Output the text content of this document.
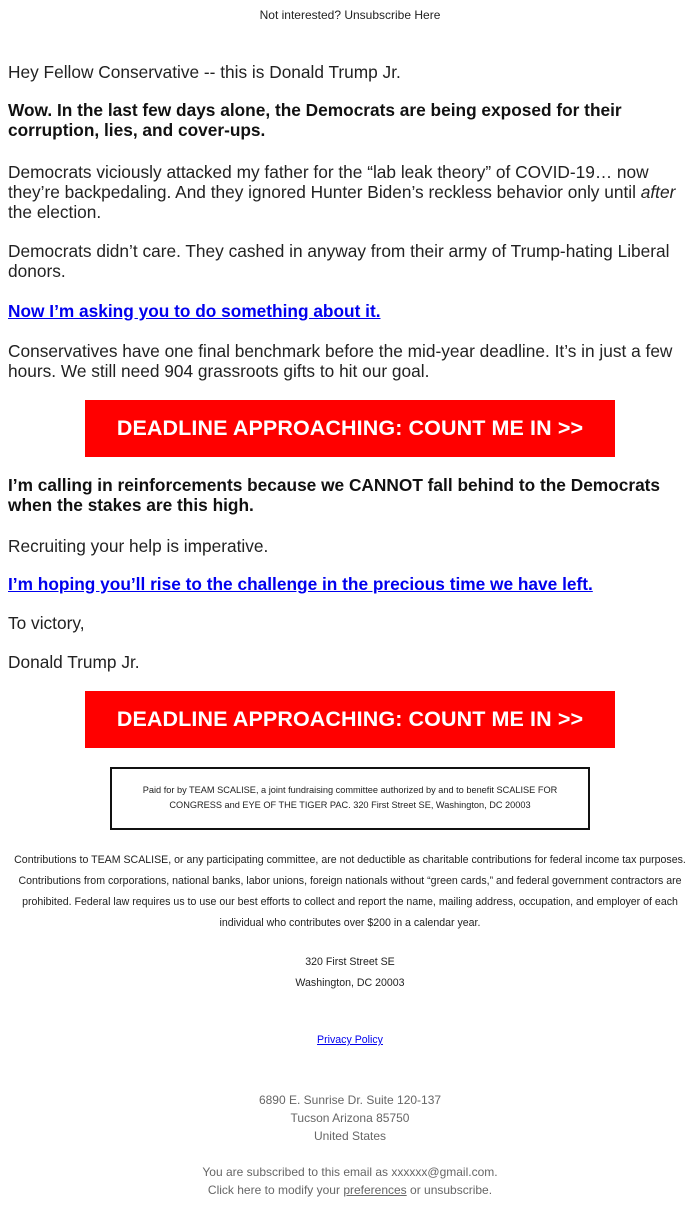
Not interested? Unsubscribe Here

Hey Fellow Conservative -- this is Donald Trump Jr.

Wow. In the last few days alone, the Democrats are being exposed for their corruption, lies, and cover-ups.

Democrats viciously attacked my father for the “lab leak theory” of COVID-19… now they’re backpedaling. And they ignored Hunter Biden’s reckless behavior only until after the election.

Democrats didn’t care. They cashed in anyway from their army of Trump-hating Liberal donors.

Now I’m asking you to do something about it.

Conservatives have one final benchmark before the mid-year deadline. It’s in just a few hours. We still need 904 grassroots gifts to hit our goal.

DEADLINE APPROACHING: COUNT ME IN >>

I’m calling in reinforcements because we CANNOT fall behind to the Democrats when the stakes are this high.

Recruiting your help is imperative.

I’m hoping you’ll rise to the challenge in the precious time we have left.

To victory,

Donald Trump Jr.

DEADLINE APPROACHING: COUNT ME IN >>
Paid for by TEAM SCALISE, a joint fundraising committee authorized by and to benefit SCALISE FOR CONGRESS and EYE OF THE TIGER PAC. 320 First Street SE, Washington, DC 20003
Contributions to TEAM SCALISE, or any participating committee, are not deductible as charitable contributions for federal income tax purposes. Contributions from corporations, national banks, labor unions, foreign nationals without “green cards,” and federal government contractors are prohibited. Federal law requires us to use our best efforts to collect and report the name, mailing address, occupation, and employer of each individual who contributes over $200 in a calendar year.
320 First Street SE
Washington, DC 20003
Privacy Policy
6890 E. Sunrise Dr. Suite 120-137
Tucson Arizona 85750
United States
You are subscribed to this email as xxxxxx@gmail.com.
Click here to modify your preferences or unsubscribe.
